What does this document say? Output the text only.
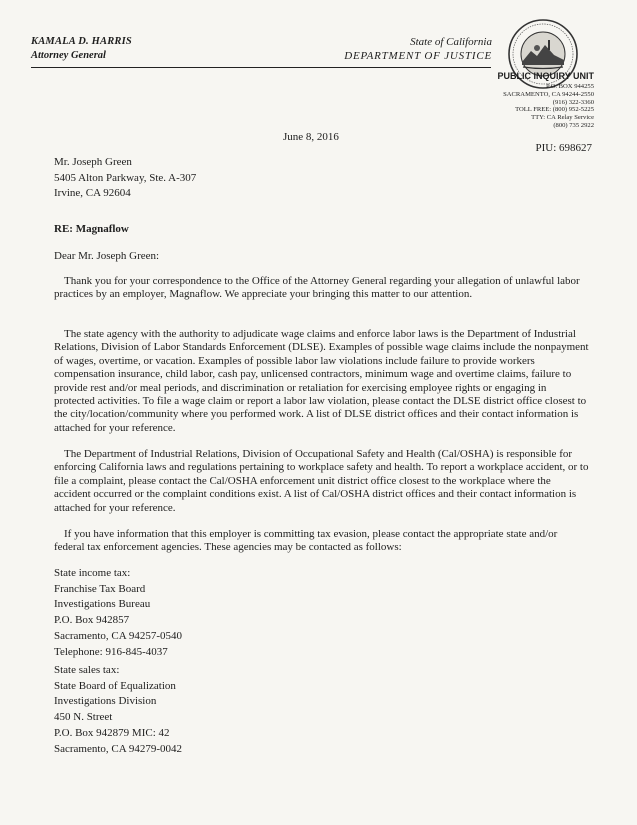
KAMALA D. HARRIS
Attorney General
State of California
DEPARTMENT OF JUSTICE
PUBLIC INQUIRY UNIT
P.O. BOX 944255
SACRAMENTO, CA 94244-2550
(916) 322-3360
TOLL FREE: (800) 952-5225
TTY: CA Relay Service
(800) 735 2922
June 8, 2016
PIU: 698627
Mr. Joseph Green
5405 Alton Parkway, Ste. A-307
Irvine, CA 92604
RE: Magnaflow
Dear Mr. Joseph Green:

Thank you for your correspondence to the Office of the Attorney General regarding your allegation of unlawful labor practices by an employer, Magnaflow. We appreciate your bringing this matter to our attention.

The state agency with the authority to adjudicate wage claims and enforce labor laws is the Department of Industrial Relations, Division of Labor Standards Enforcement (DLSE). Examples of possible wage claims include the nonpayment of wages, overtime, or vacation. Examples of possible labor law violations include failure to provide workers compensation insurance, child labor, cash pay, unlicensed contractors, minimum wage and overtime claims, failure to provide rest and/or meal periods, and discrimination or retaliation for exercising employee rights or engaging in protected activities. To file a wage claim or report a labor law violation, please contact the DLSE district office closest to the city/location/community where you performed work. A list of DLSE district offices and their contact information is attached for your reference.

The Department of Industrial Relations, Division of Occupational Safety and Health (Cal/OSHA) is responsible for enforcing California laws and regulations pertaining to workplace safety and health. To report a workplace accident, or to file a complaint, please contact the Cal/OSHA enforcement unit district office closest to the workplace where the accident occurred or the complaint conditions exist. A list of Cal/OSHA district offices and their contact information is attached for your reference.

If you have information that this employer is committing tax evasion, please contact the appropriate state and/or federal tax enforcement agencies. These agencies may be contacted as follows:

State income tax:
Franchise Tax Board
Investigations Bureau
P.O. Box 942857
Sacramento, CA 94257-0540
Telephone: 916-845-4037
State sales tax:
State Board of Equalization
Investigations Division
450 N. Street
P.O. Box 942879 MIC: 42
Sacramento, CA 94279-0042
